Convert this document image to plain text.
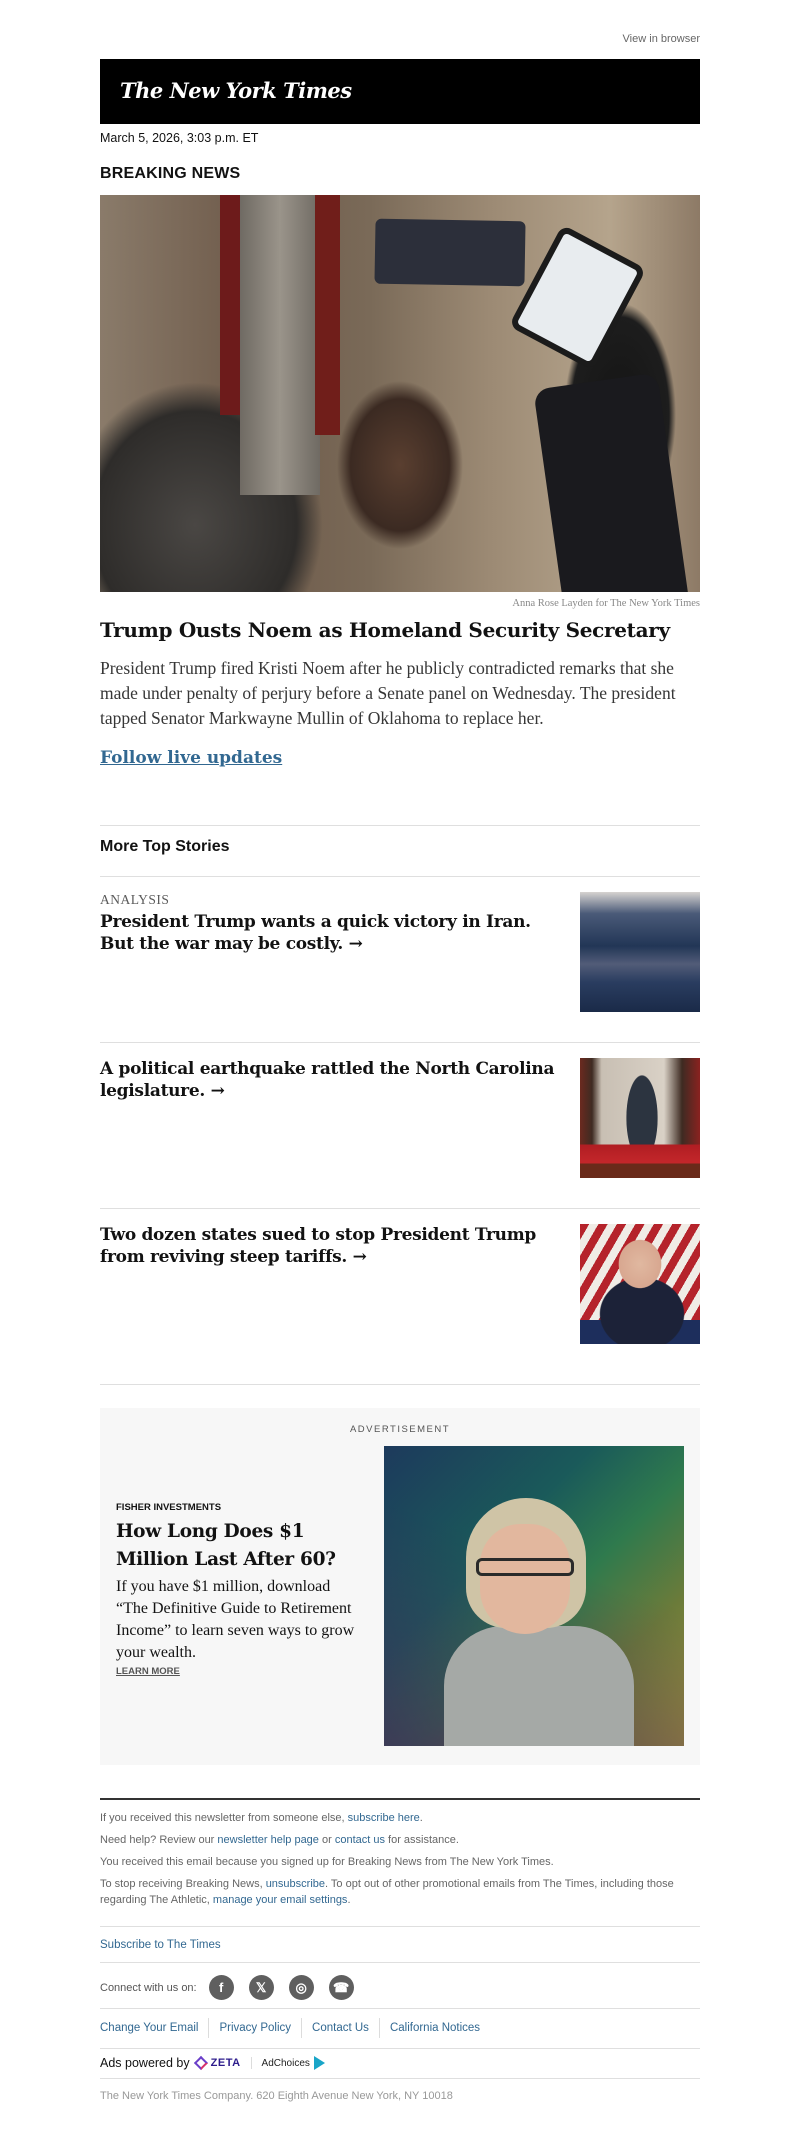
View in browser
The New York Times
March 5, 2026, 3:03 p.m. ET
BREAKING NEWS
Anna Rose Layden for The New York Times
Trump Ousts Noem as Homeland Security Secretary
President Trump fired Kristi Noem after he publicly contradicted remarks that she made under penalty of perjury before a Senate panel on Wednesday. The president tapped Senator Markwayne Mullin of Oklahoma to replace her.
Follow live updates
More Top Stories
ANALYSIS
President Trump wants a quick victory in Iran. But the war may be costly. →
A political earthquake rattled the North Carolina legislature. →
Two dozen states sued to stop President Trump from reviving steep tariffs. →
ADVERTISEMENT
FISHER INVESTMENTS
How Long Does $1 Million Last After 60?
If you have $1 million, download “The Definitive Guide to Retirement Income” to learn seven ways to grow your wealth.
LEARN MORE
If you received this newsletter from someone else, subscribe here.
Need help? Review our newsletter help page or contact us for assistance.
You received this email because you signed up for Breaking News from The New York Times.
To stop receiving Breaking News, unsubscribe. To opt out of other promotional emails from The Times, including those regarding The Athletic, manage your email settings.
Subscribe to The Times
Connect with us on:	f	𝕏	◎	☎
Change Your Email	Privacy Policy	Contact Us	California Notices
Ads powered by ZETA AdChoices
The New York Times Company. 620 Eighth Avenue New York, NY 10018
